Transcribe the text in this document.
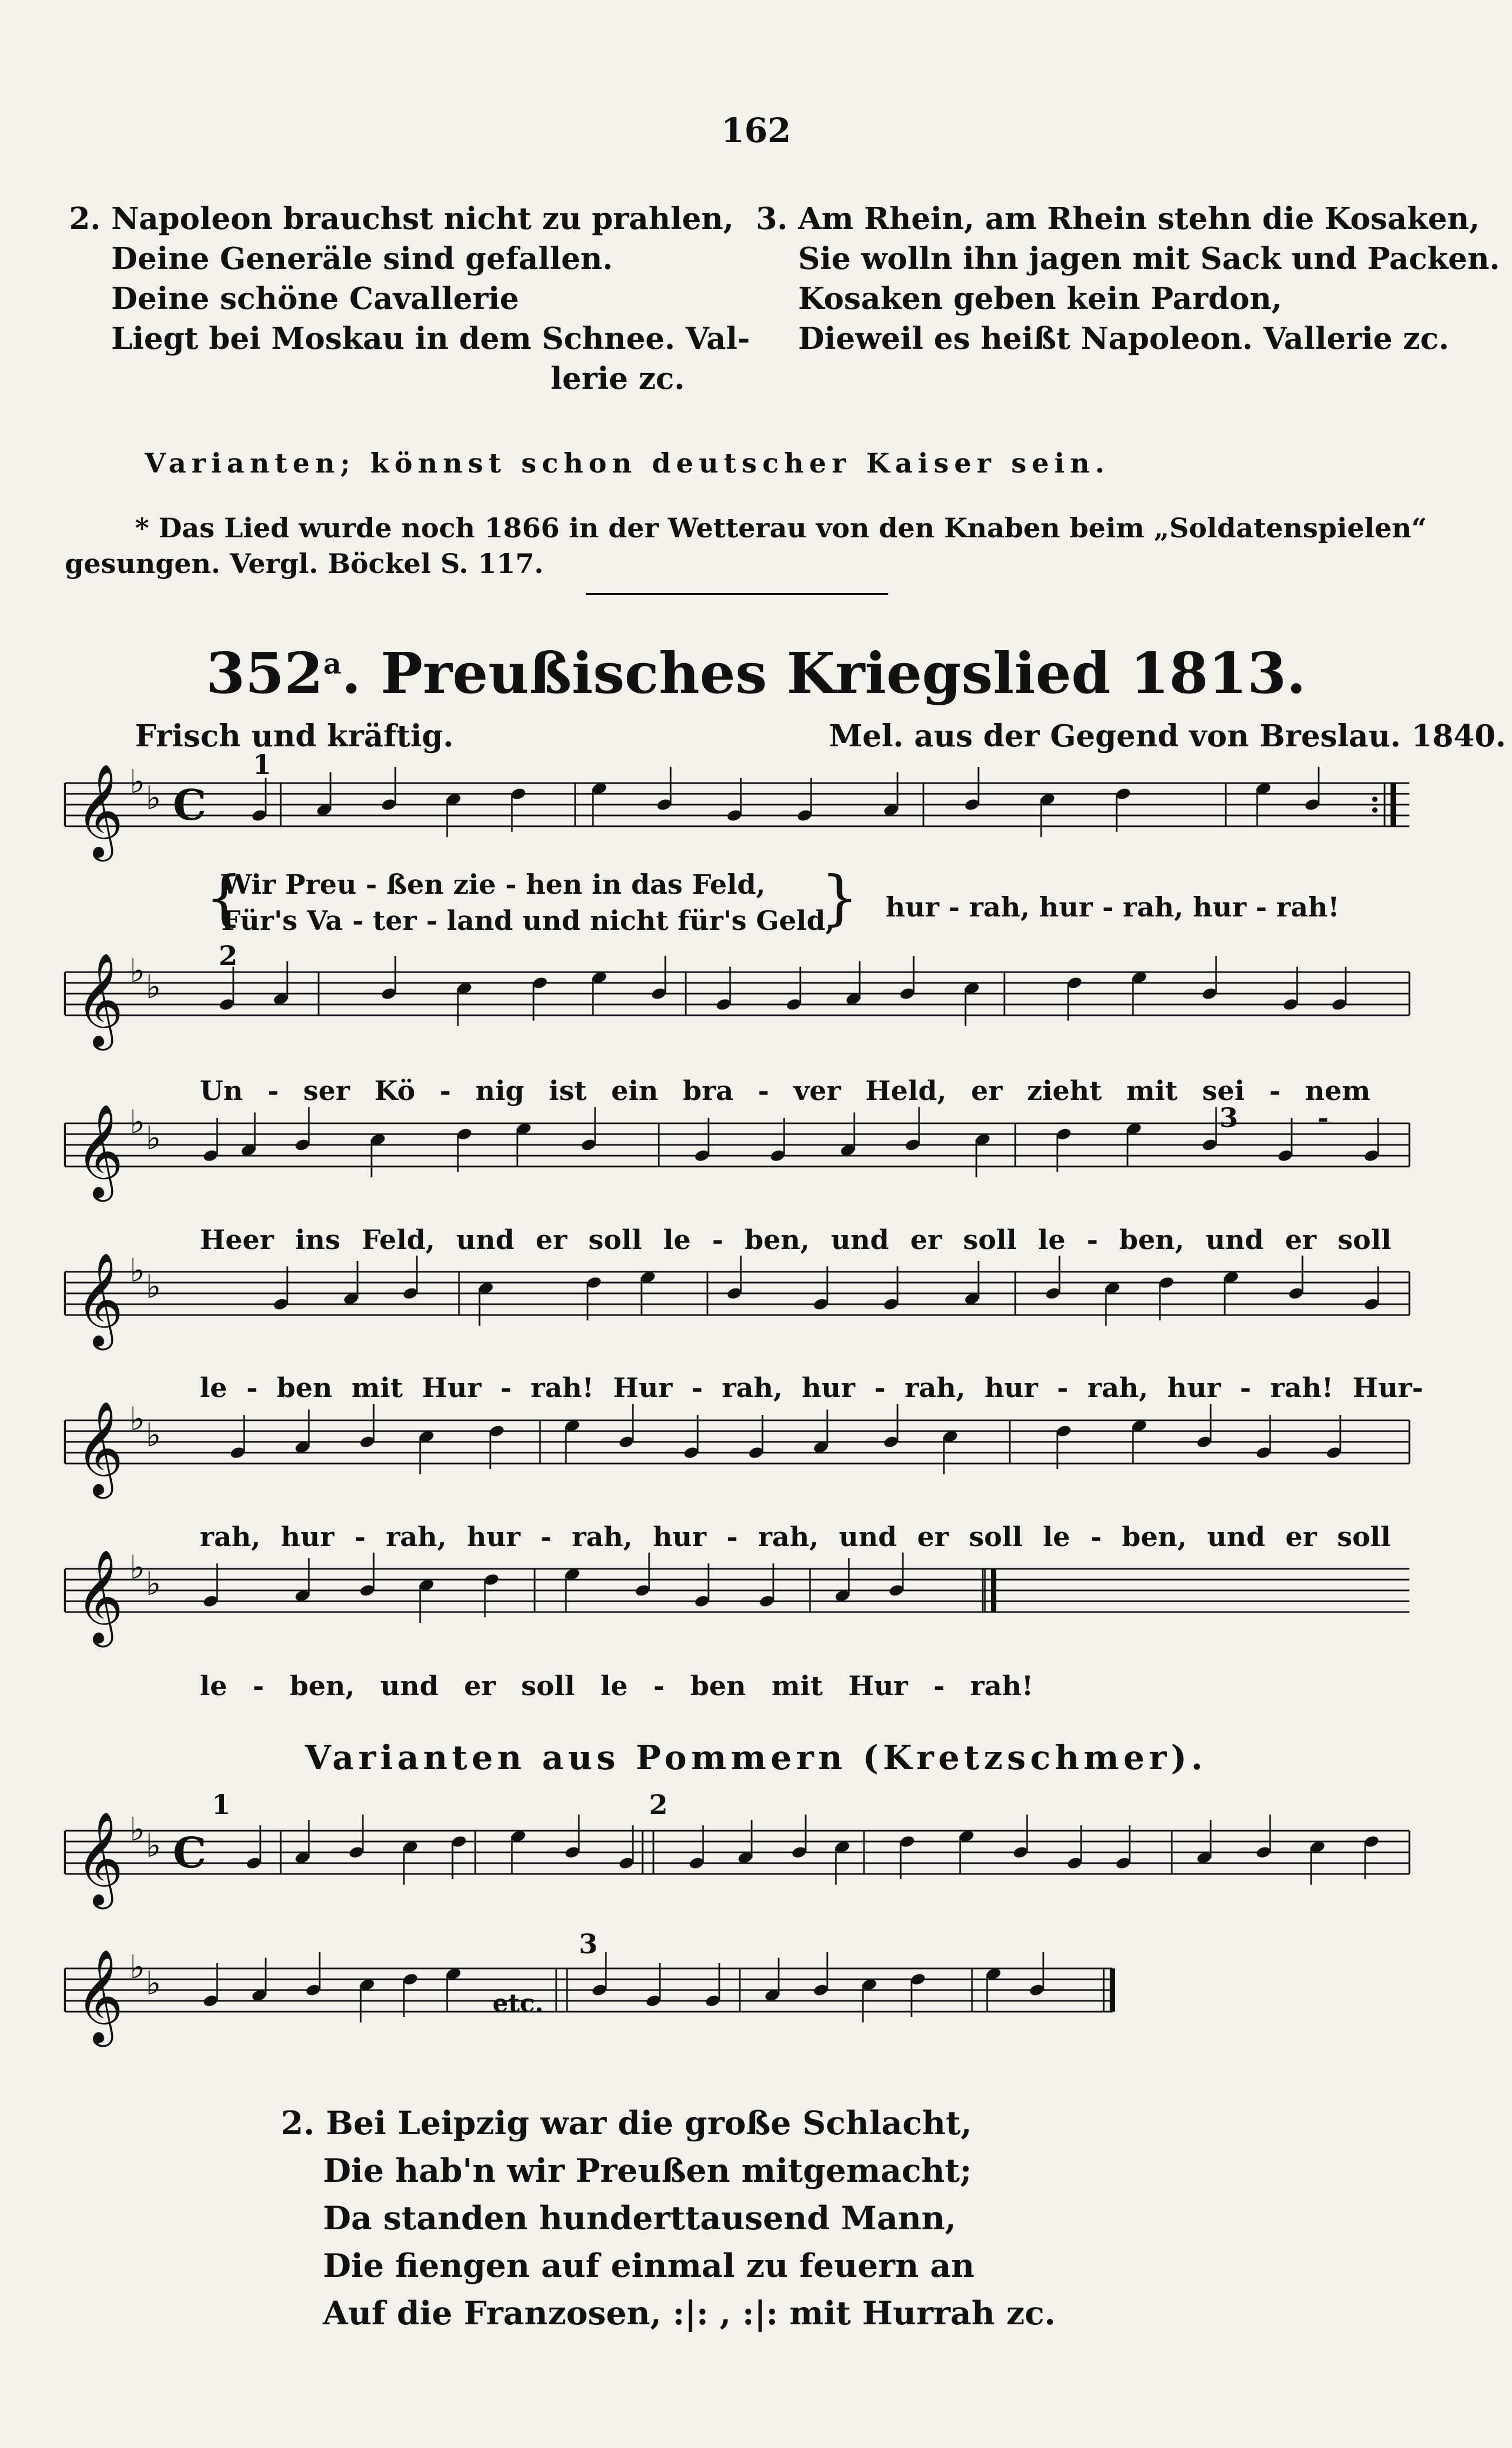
162
2. Napoleon brauchst nicht zu prahlen,
Deine Generäle sind gefallen.
Deine schöne Cavallerie
Liegt bei Moskau in dem Schnee. Val-
lerie zc.
3. Am Rhein, am Rhein stehn die Kosaken,
Sie wolln ihn jagen mit Sack und Packen.
Kosaken geben kein Pardon,
Dieweil es heißt Napoleon. Vallerie zc.
Varianten; könnst schon deutscher Kaiser sein.
* Das Lied wurde noch 1866 in der Wetterau von den Knaben beim „Soldatenspielen“
gesungen. Vergl. Böckel S. 117.
352$^a$. Preußisches Kriegslied 1813.
Frisch und kräftig.	Mel. aus der Gegend von Breslau. 1840.
𝄞 ♭ ♭ C
𝄞 ♭ ♭
𝄞 ♭ ♭
𝄞 ♭ ♭
𝄞 ♭ ♭
𝄞 ♭ ♭
𝄞 ♭ ♭ C
𝄞 ♭ ♭
Wir Preu - ßen zie - hen in das Feld,
Für's Va - ter - land und nicht für's Geld,
{	} hur - rah, hur - rah, hur - rah!
Un - ser Kö - nig ist ein bra - ver Held, er zieht mit sei - nem
Heer ins Feld, und er soll le - ben, und er soll le - ben, und er soll
le - ben mit Hur - rah! Hur - rah, hur - rah, hur - rah, hur - rah! Hur-
rah, hur - rah, hur - rah, hur - rah, und er soll le - ben, und er soll
le - ben, und er soll le - ben mit Hur - rah!
1
2
3	-
Varianten aus Pommern (Kretzschmer).
1	2
3
etc.
2. Bei Leipzig war die große Schlacht,
Die hab'n wir Preußen mitgemacht;
Da standen hunderttausend Mann,
Die fiengen auf einmal zu feuern an
Auf die Franzosen, :|: , :|: mit Hurrah zc.
